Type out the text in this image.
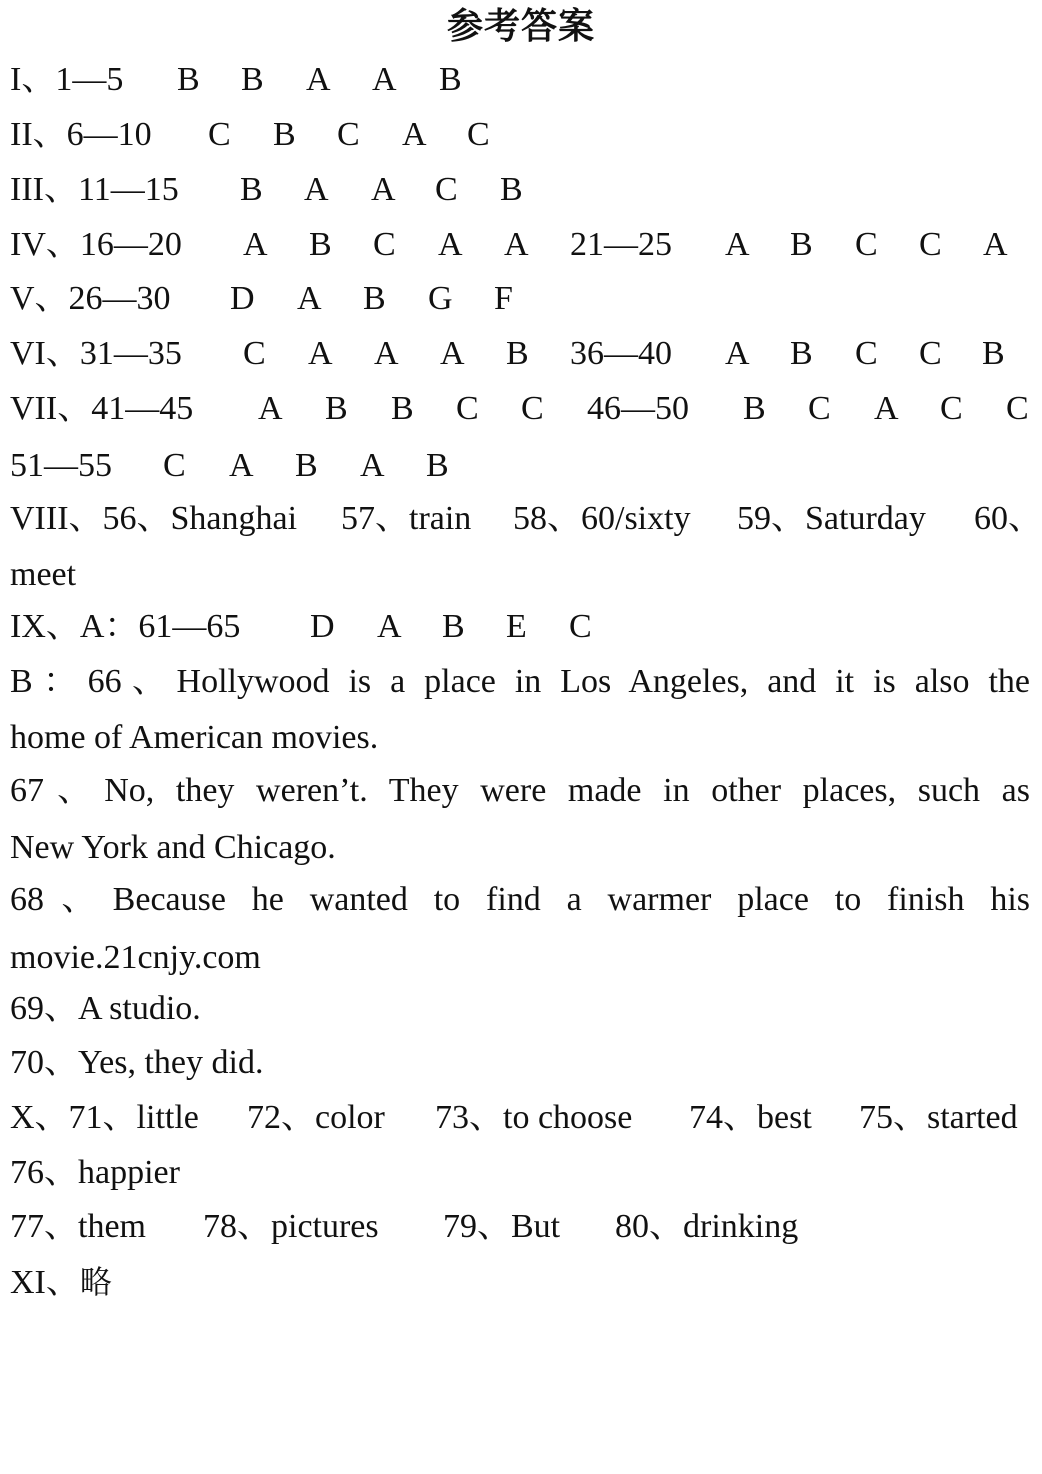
参考答案
I、1—5 B B A A B
II、6—10 C B C A C
III、11—15 B A A C B
IV、16—20 A B C A A 21—25 A B C C A
V、26—30 D A B G F
VI、31—35 C A A A B 36—40 A B C C B
VII、41—45 A B B C C 46—50 B C A C C
51—55 C A B A B
VIII、56、Shanghai 57、train 58、60/sixty 59、Saturday 60、
meet
IX、A：61—65 D A B E C
B：66、Hollywood is a place in Los Angeles, and it is also the
home of American movies.
67、No, they weren’t. They were made in other places, such as
New York and Chicago.
68、Because he wanted to find a warmer place to finish his
movie.21cnjy.com
69、A studio.
70、Yes, they did.
X、71、little 72、color 73、to choose 74、best 75、started
76、happier
77、them 78、pictures 79、But 80、drinking
XI、略
